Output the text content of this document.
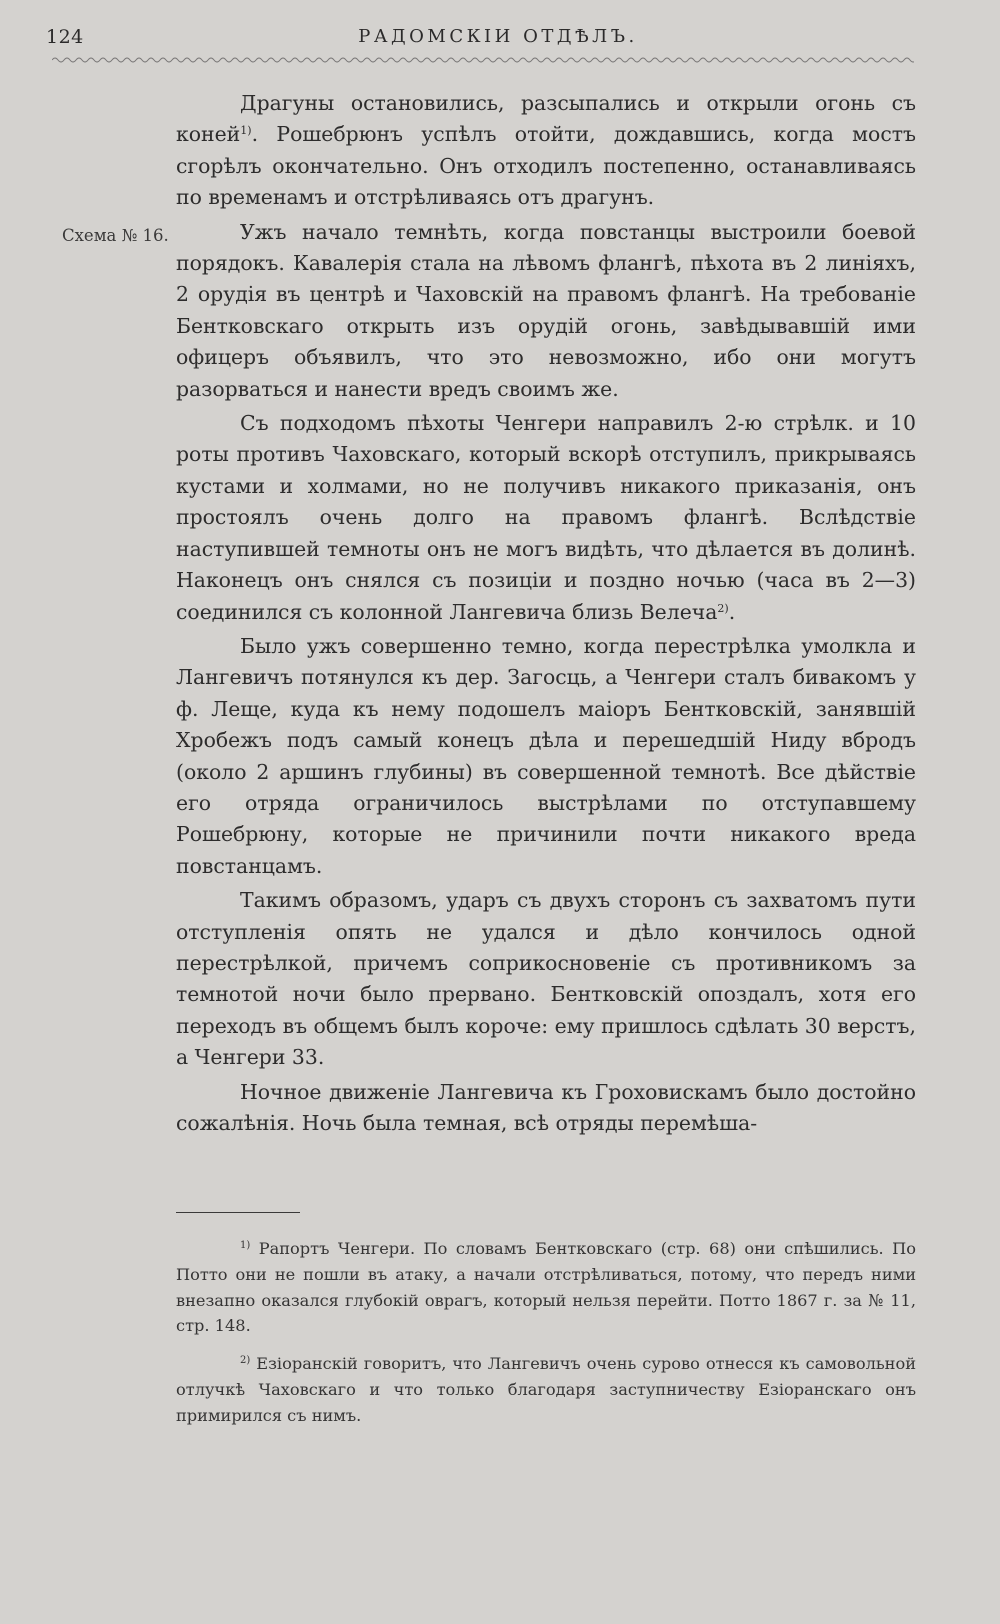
124	РАДОМСКІИ ОТДѢЛЪ.
Схема № 16.

Драгуны остановились, разсыпались и открыли огонь съ коней$^{1)}$. Рошебрюнъ успѣлъ отойти, дождавшись, когда мостъ сгорѣлъ окончательно. Онъ отходилъ постепенно, останавливаясь по временамъ и отстрѣливаясь отъ драгунъ.

Ужъ начало темнѣть, когда повстанцы выстроили боевой порядокъ. Кавалерія стала на лѣвомъ флангѣ, пѣхота въ 2 линіяхъ, 2 орудія въ центрѣ и Чаховскій на правомъ флангѣ. На требованіе Бентковскаго открыть изъ орудій огонь, завѣдывавшій ими офицеръ объявилъ, что это невозможно, ибо они могутъ разорваться и нанести вредъ своимъ же.

Съ подходомъ пѣхоты Ченгери направилъ 2-ю стрѣлк. и 10 роты противъ Чаховскаго, который вскорѣ отступилъ, прикрываясь кустами и холмами, но не получивъ никакого приказанія, онъ простоялъ очень долго на правомъ флангѣ. Вслѣдствіе наступившей темноты онъ не могъ видѣть, что дѣлается въ долинѣ. Наконецъ онъ снялся съ позиціи и поздно ночью (часа въ 2—3) соединился съ колонной Лангевича близь Велеча$^{2)}$.

Было ужъ совершенно темно, когда перестрѣлка умолкла и Лангевичъ потянулся къ дер. Загосць, а Ченгери сталъ бивакомъ у ф. Леще, куда къ нему подошелъ маіоръ Бентковскій, занявшій Хробежъ подъ самый конецъ дѣла и перешедшій Ниду вбродъ (около 2 аршинъ глубины) въ совершенной темнотѣ. Все дѣйствіе его отряда ограничилось выстрѣлами по отступавшему Рошебрюну, которые не причинили почти никакого вреда повстанцамъ.

Такимъ образомъ, ударъ съ двухъ сторонъ съ захватомъ пути отступленія опять не удался и дѣло кончилось одной перестрѣлкой, причемъ соприкосновеніе съ противникомъ за темнотой ночи было прервано. Бентковскій опоздалъ, хотя его переходъ въ общемъ былъ короче: ему пришлось сдѣлать 30 верстъ, а Ченгери 33.

Ночное движеніе Лангевича къ Гроховискамъ было достойно сожалѣнія. Ночь была темная, всѣ отряды перемѣша-

$^{1)}$ Рапортъ Ченгери. По словамъ Бентковскаго (стр. 68) они спѣшились. По Потто они не пошли въ атаку, а начали отстрѣливаться, потому, что передъ ними внезапно оказался глубокій оврагъ, который нельзя перейти. Потто 1867 г. за № 11, стр. 148.

$^{2)}$ Езіоранскій говоритъ, что Лангевичъ очень сурово отнесся къ самовольной отлучкѣ Чаховскаго и что только благодаря заступничеству Езіоранскаго онъ примирился съ нимъ.
